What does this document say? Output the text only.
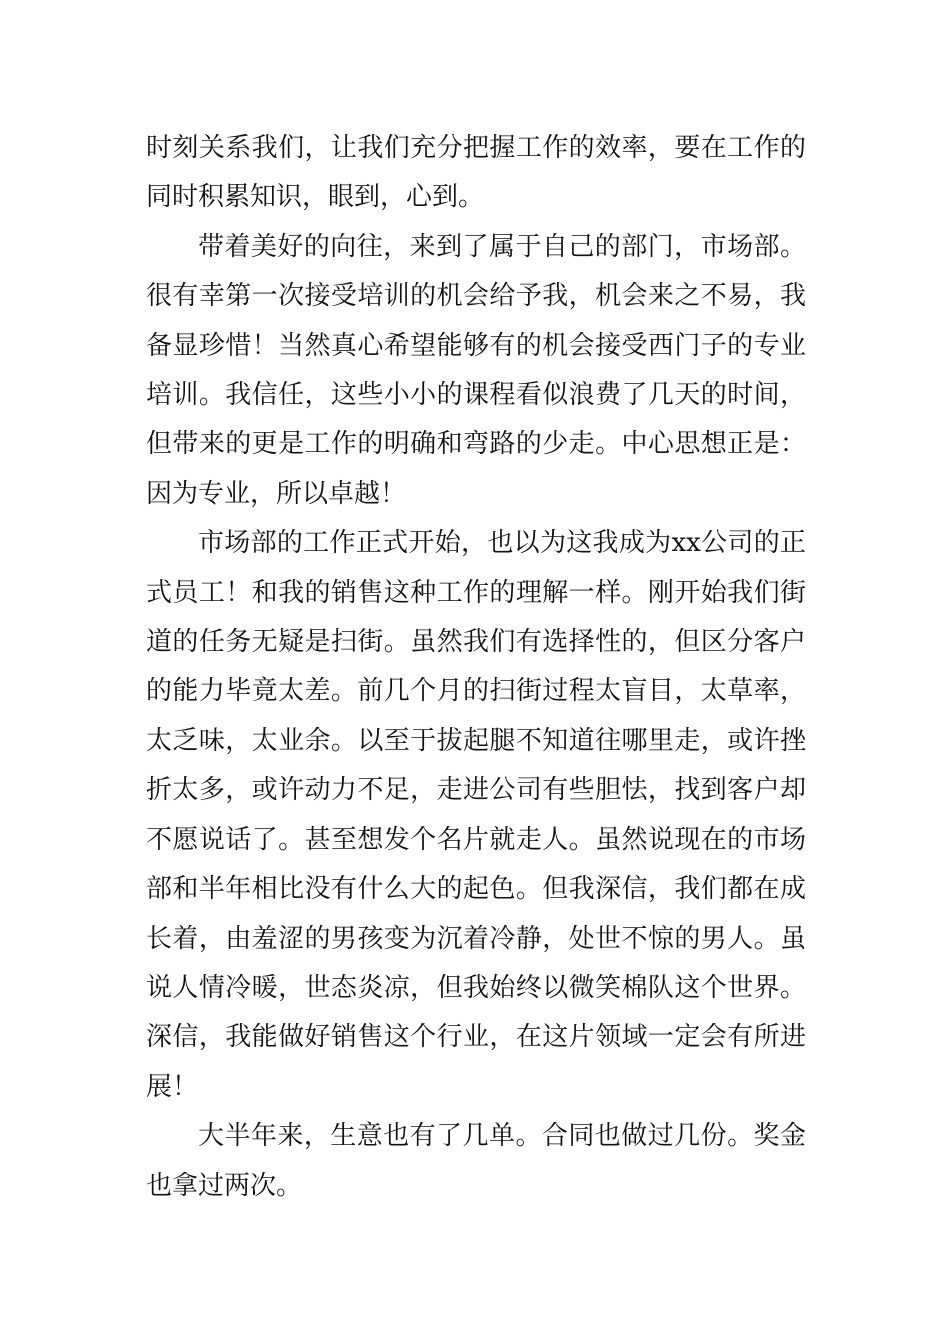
时刻关系我们，让我们充分把握工作的效率，要在工作的同时积累知识，眼到，心到。

带着美好的向往，来到了属于自己的部门，市场部。很有幸第一次接受培训的机会给予我，机会来之不易，我备显珍惜！当然真心希望能够有的机会接受西门子的专业培训。我信任，这些小小的课程看似浪费了几天的时间，但带来的更是工作的明确和弯路的少走。中心思想正是：因为专业，所以卓越！

市场部的工作正式开始，也以为这我成为xx公司的正式员工！和我的销售这种工作的理解一样。刚开始我们街道的任务无疑是扫街。虽然我们有选择性的，但区分客户的能力毕竟太差。前几个月的扫街过程太盲目，太草率，太乏味，太业余。以至于拔起腿不知道往哪里走，或许挫折太多，或许动力不足，走进公司有些胆怯，找到客户却不愿说话了。甚至想发个名片就走人。虽然说现在的市场部和半年相比没有什么大的起色。但我深信，我们都在成长着，由羞涩的男孩变为沉着冷静，处世不惊的男人。虽说人情冷暖，世态炎凉，但我始终以微笑棉队这个世界。深信，我能做好销售这个行业，在这片领域一定会有所进展！

大半年来，生意也有了几单。合同也做过几份。奖金也拿过两次。
